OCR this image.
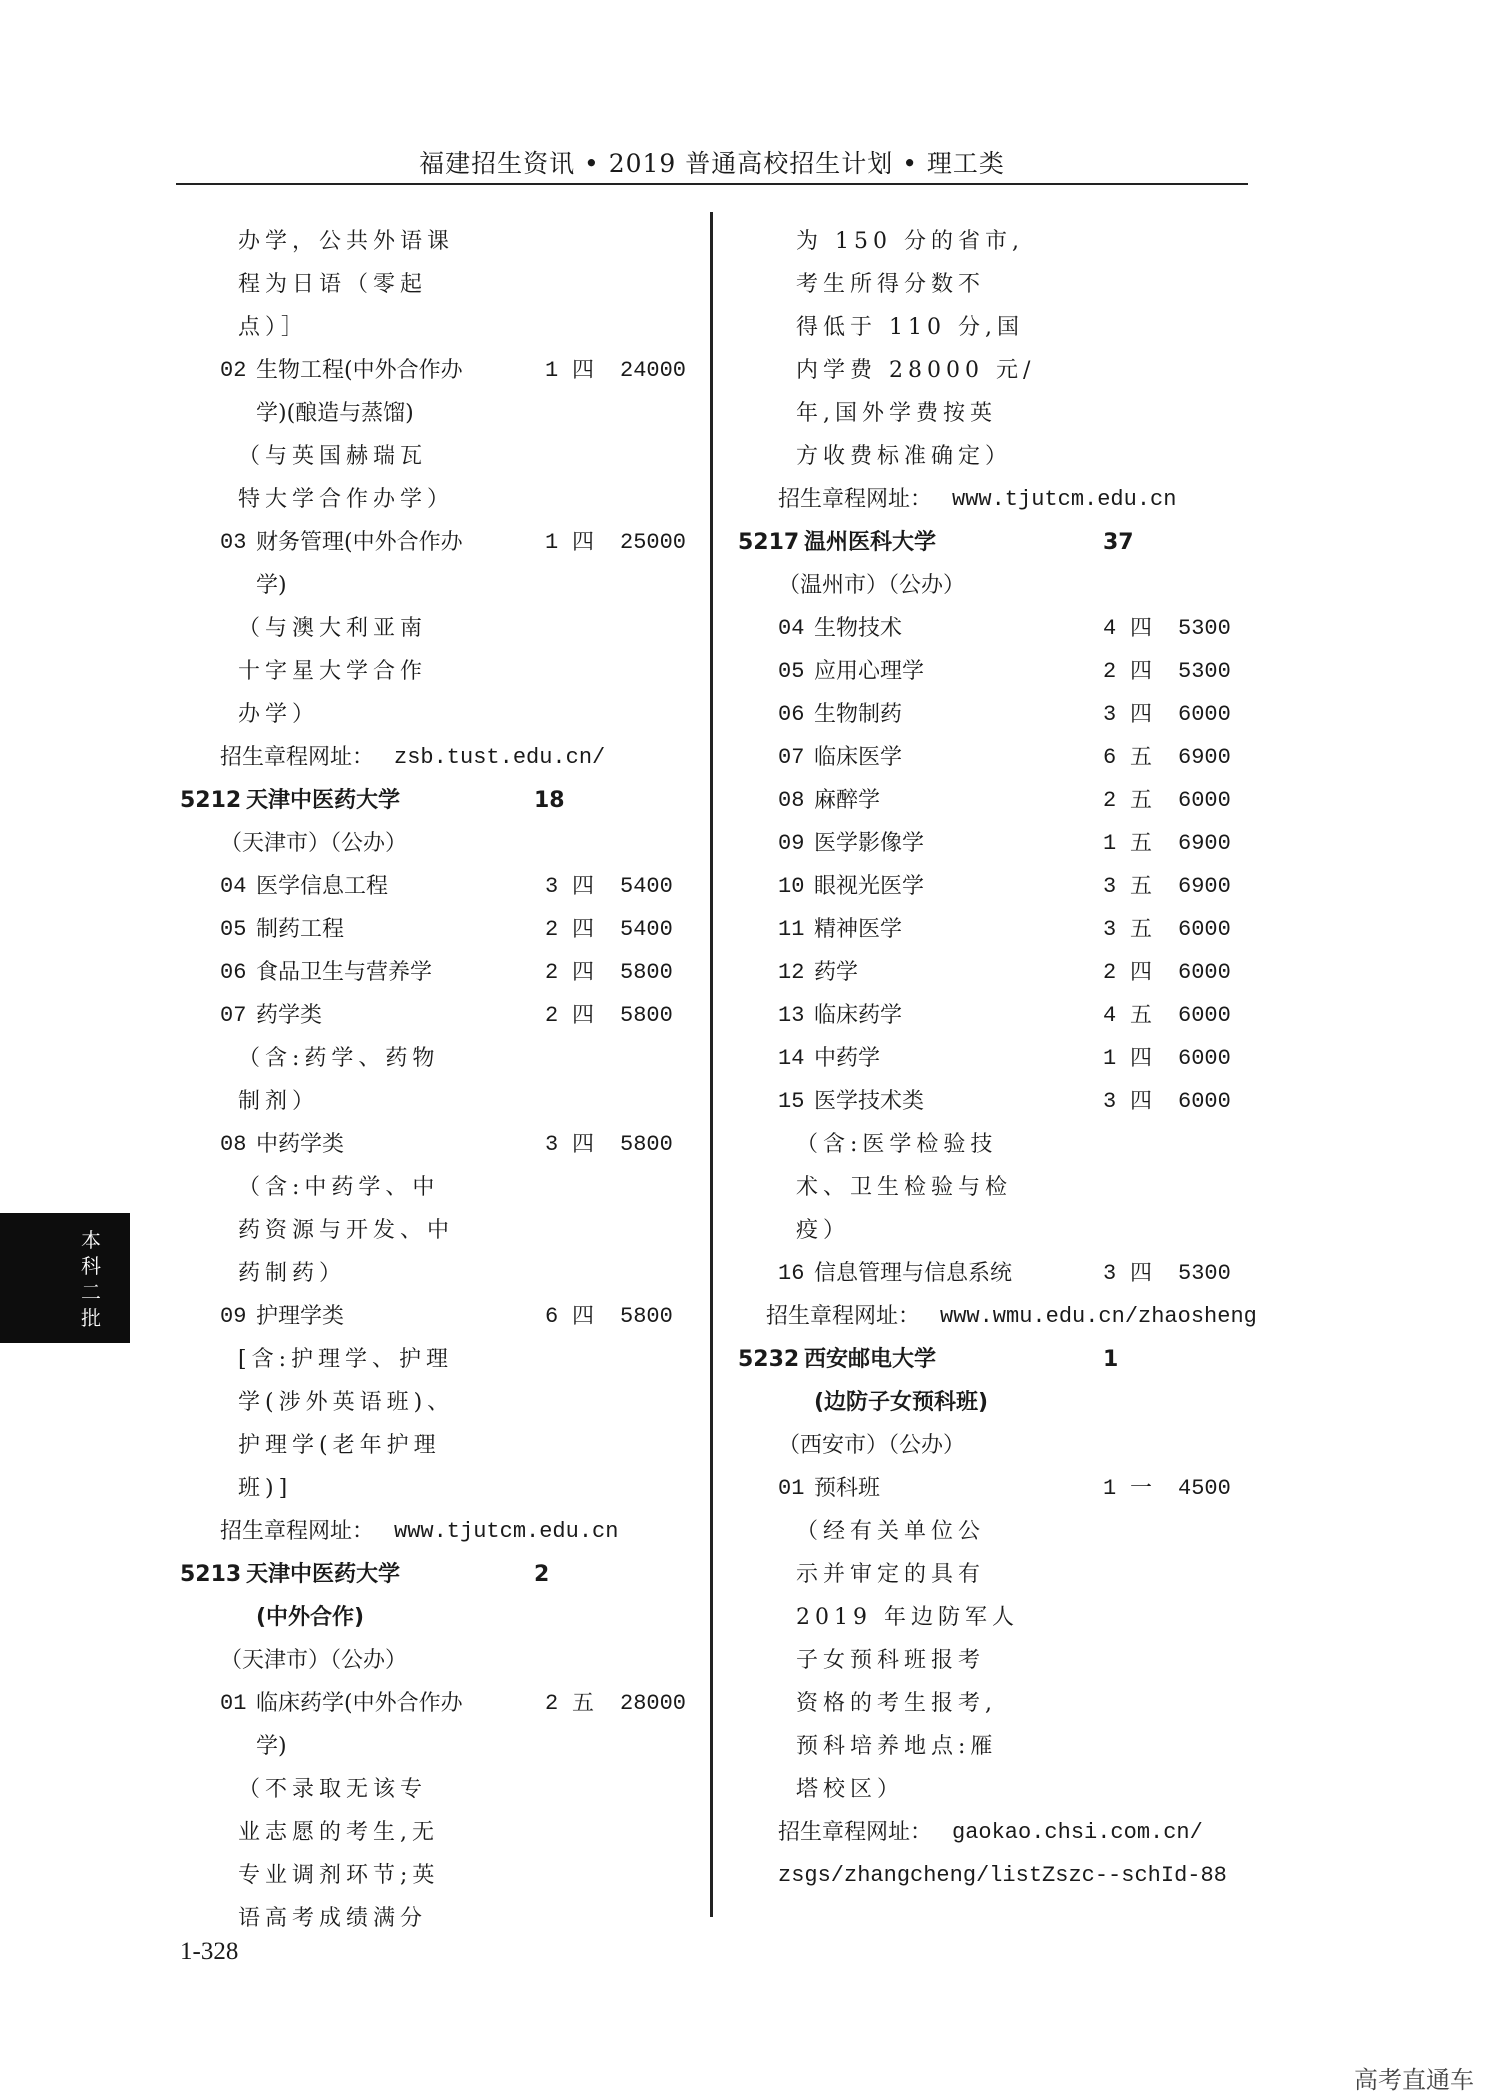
福建招生资讯 • 2019 普通高校招生计划 • 理工类
办学，公共外语课
程为日语（零起
点）］
02 生物工程(中外合作办	1 四 24000
学)(酿造与蒸馏)
（与英国赫瑞瓦
特大学合作办学）
03 财务管理(中外合作办	1 四 25000
学)
（与澳大利亚南
十字星大学合作
办学）
招生章程网址： zsb.tust.edu.cn/
5212 天津中医药大学	18
（天津市）（公办）
04 医学信息工程	3 四 5400
05 制药工程	2 四 5400
06 食品卫生与营养学	2 四 5800
07 药学类	2 四 5800
（含:药学、药物
制剂）
08 中药学类	3 四 5800
（含:中药学、中
药资源与开发、中
药制药）
09 护理学类	6 四 5800
[含:护理学、护理
学(涉外英语班)、
护理学(老年护理
班)]
招生章程网址： www.tjutcm.edu.cn
5213 天津中医药大学	2
(中外合作)
（天津市）（公办）
01 临床药学(中外合作办	2 五 28000
学)
（不录取无该专
业志愿的考生,无
专业调剂环节;英
语高考成绩满分
为 150 分的省市,
考生所得分数不
得低于 110 分,国
内学费 28000 元/
年,国外学费按英
方收费标准确定）
招生章程网址： www.tjutcm.edu.cn
5217 温州医科大学	37
（温州市）（公办）
04 生物技术	4 四 5300
05 应用心理学	2 四 5300
06 生物制药	3 四 6000
07 临床医学	6 五 6900
08 麻醉学	2 五 6000
09 医学影像学	1 五 6900
10 眼视光医学	3 五 6900
11 精神医学	3 五 6000
12 药学	2 四 6000
13 临床药学	4 五 6000
14 中药学	1 四 6000
15 医学技术类	3 四 6000
（含:医学检验技
术、卫生检验与检
疫）
16 信息管理与信息系统	3 四 5300
招生章程网址： www.wmu.edu.cn/zhaosheng
5232 西安邮电大学	1
(边防子女预科班)
（西安市）（公办）
01 预科班	1 一 4500
（经有关单位公
示并审定的具有
2019 年边防军人
子女预科班报考
资格的考生报考,
预科培养地点:雁
塔校区）
招生章程网址： gaokao.chsi.com.cn/
zsgs/zhangcheng/listZszc--schId-88
本科二批
1-328
高考直通车
